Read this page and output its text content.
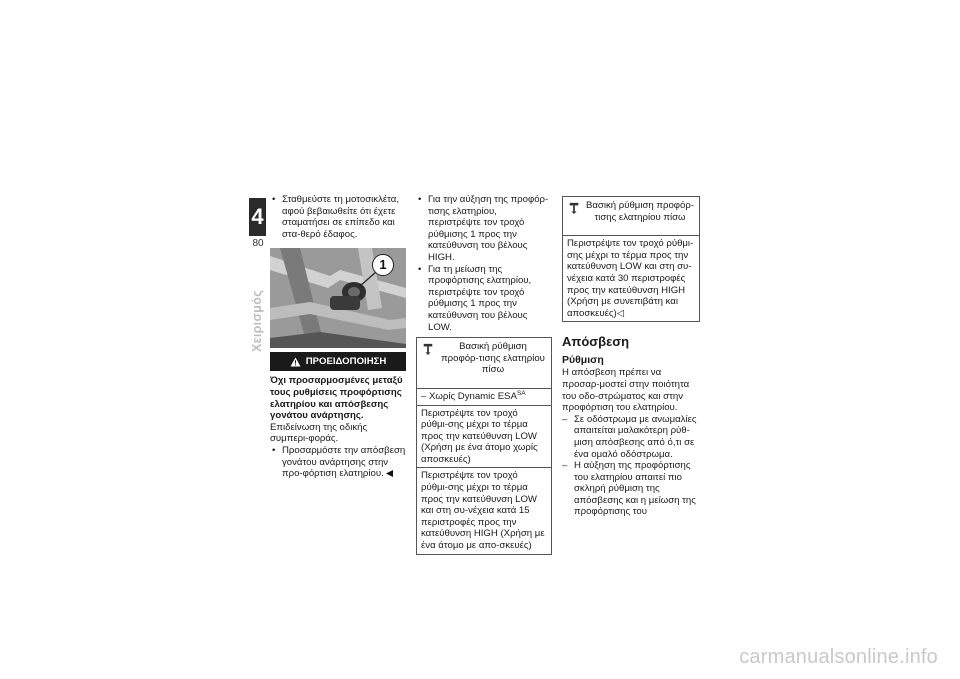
4
80
Χειρισμός
• Σταθμεύστε τη μοτοσικλέτα, αφού βεβαιωθείτε ότι έχετε σταματήσει σε επίπεδο και στα-θερό έδαφος.
1
ΠΡΟΕΙΔΟΠΟΙΗΣΗ

Όχι προσαρμοσμένες μεταξύ τους ρυθμίσεις προφόρτισης ελατηρίου και απόσβεσης γονάτου ανάρτησης.

Επιδείνωση της οδικής συμπερι-φοράς.

• Προσαρμόστε την απόσβεση γονάτου ανάρτησης στην προ-φόρτιση ελατηρίου.
• Για την αύξηση της προφόρ-τισης ελατηρίου, περιστρέψτε τον τροχό ρύθμισης 1 προς την κατεύθυνση του βέλους HIGH.
• Για τη μείωση της προφόρτισης ελατηρίου, περιστρέψτε τον τροχό ρύθμισης 1 προς την κατεύθυνση του βέλους LOW.
Βασική ρύθμιση προφόρ-τισης ελατηρίου πίσω
– Χωρίς Dynamic $ESA^{SA}$
Περιστρέψτε τον τροχό ρύθμι-σης μέχρι το τέρμα προς την κατεύθυνση LOW (Χρήση με ένα άτομο χωρίς αποσκευές)
Περιστρέψτε τον τροχό ρύθμι-σης μέχρι το τέρμα προς την κατεύθυνση LOW και στη συ-νέχεια κατά 15 περιστροφές προς την κατεύθυνση HIGH (Χρήση με ένα άτομο με απο-σκευές)
Βασική ρύθμιση προφόρ-τισης ελατηρίου πίσω
Περιστρέψτε τον τροχό ρύθμι-σης μέχρι το τέρμα προς την κατεύθυνση LOW και στη συ-νέχεια κατά 30 περιστροφές προς την κατεύθυνση HIGH (Χρήση με συνεπιβάτη και αποσκευές)◁
Απόσβεση
Ρύθμιση

Η απόσβεση πρέπει να προσαρ-μοστεί στην ποιότητα του οδο-στρώματος και στην προφόρτιση του ελατηρίου.

– Σε οδόστρωμα με ανωμαλίες απαιτείται μαλακότερη ρύθ-μιση απόσβεσης από ό,τι σε ένα ομαλό οδόστρωμα.
– Η αύξηση της προφόρτισης του ελατηρίου απαιτεί πιο σκληρή ρύθμιση της απόσβεσης και η μείωση της προφόρτισης του
carmanualsonline.info
